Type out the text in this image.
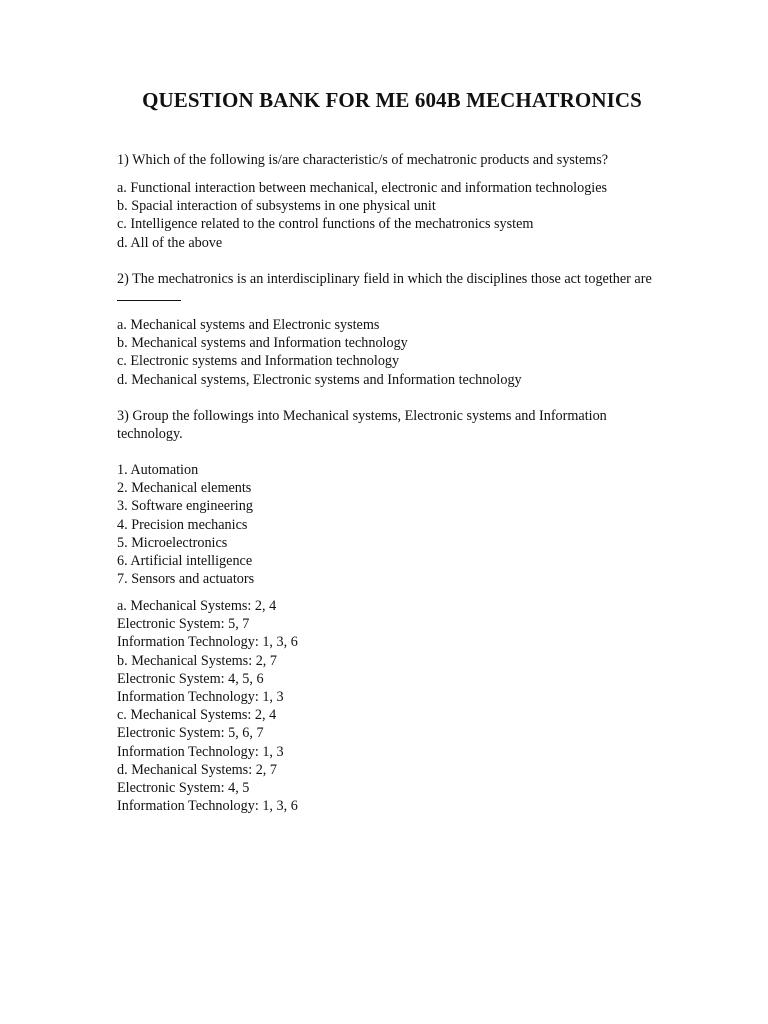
QUESTION BANK FOR ME 604B MECHATRONICS
1) Which of the following is/are characteristic/s of mechatronic products and systems?
a. Functional interaction between mechanical, electronic and information technologies
b. Spacial interaction of subsystems in one physical unit
c. Intelligence related to the control functions of the mechatronics system
d. All of the above
2) The mechatronics is an interdisciplinary field in which the disciplines those act together are
a. Mechanical systems and Electronic systems
b. Mechanical systems and Information technology
c. Electronic systems and Information technology
d. Mechanical systems, Electronic systems and Information technology
3) Group the followings into Mechanical systems, Electronic systems and Information
technology.
1. Automation
2. Mechanical elements
3. Software engineering
4. Precision mechanics
5. Microelectronics
6. Artificial intelligence
7. Sensors and actuators
a. Mechanical Systems: 2, 4
Electronic System: 5, 7
Information Technology: 1, 3, 6
b. Mechanical Systems: 2, 7
Electronic System: 4, 5, 6
Information Technology: 1, 3
c. Mechanical Systems: 2, 4
Electronic System: 5, 6, 7
Information Technology: 1, 3
d. Mechanical Systems: 2, 7
Electronic System: 4, 5
Information Technology: 1, 3, 6
